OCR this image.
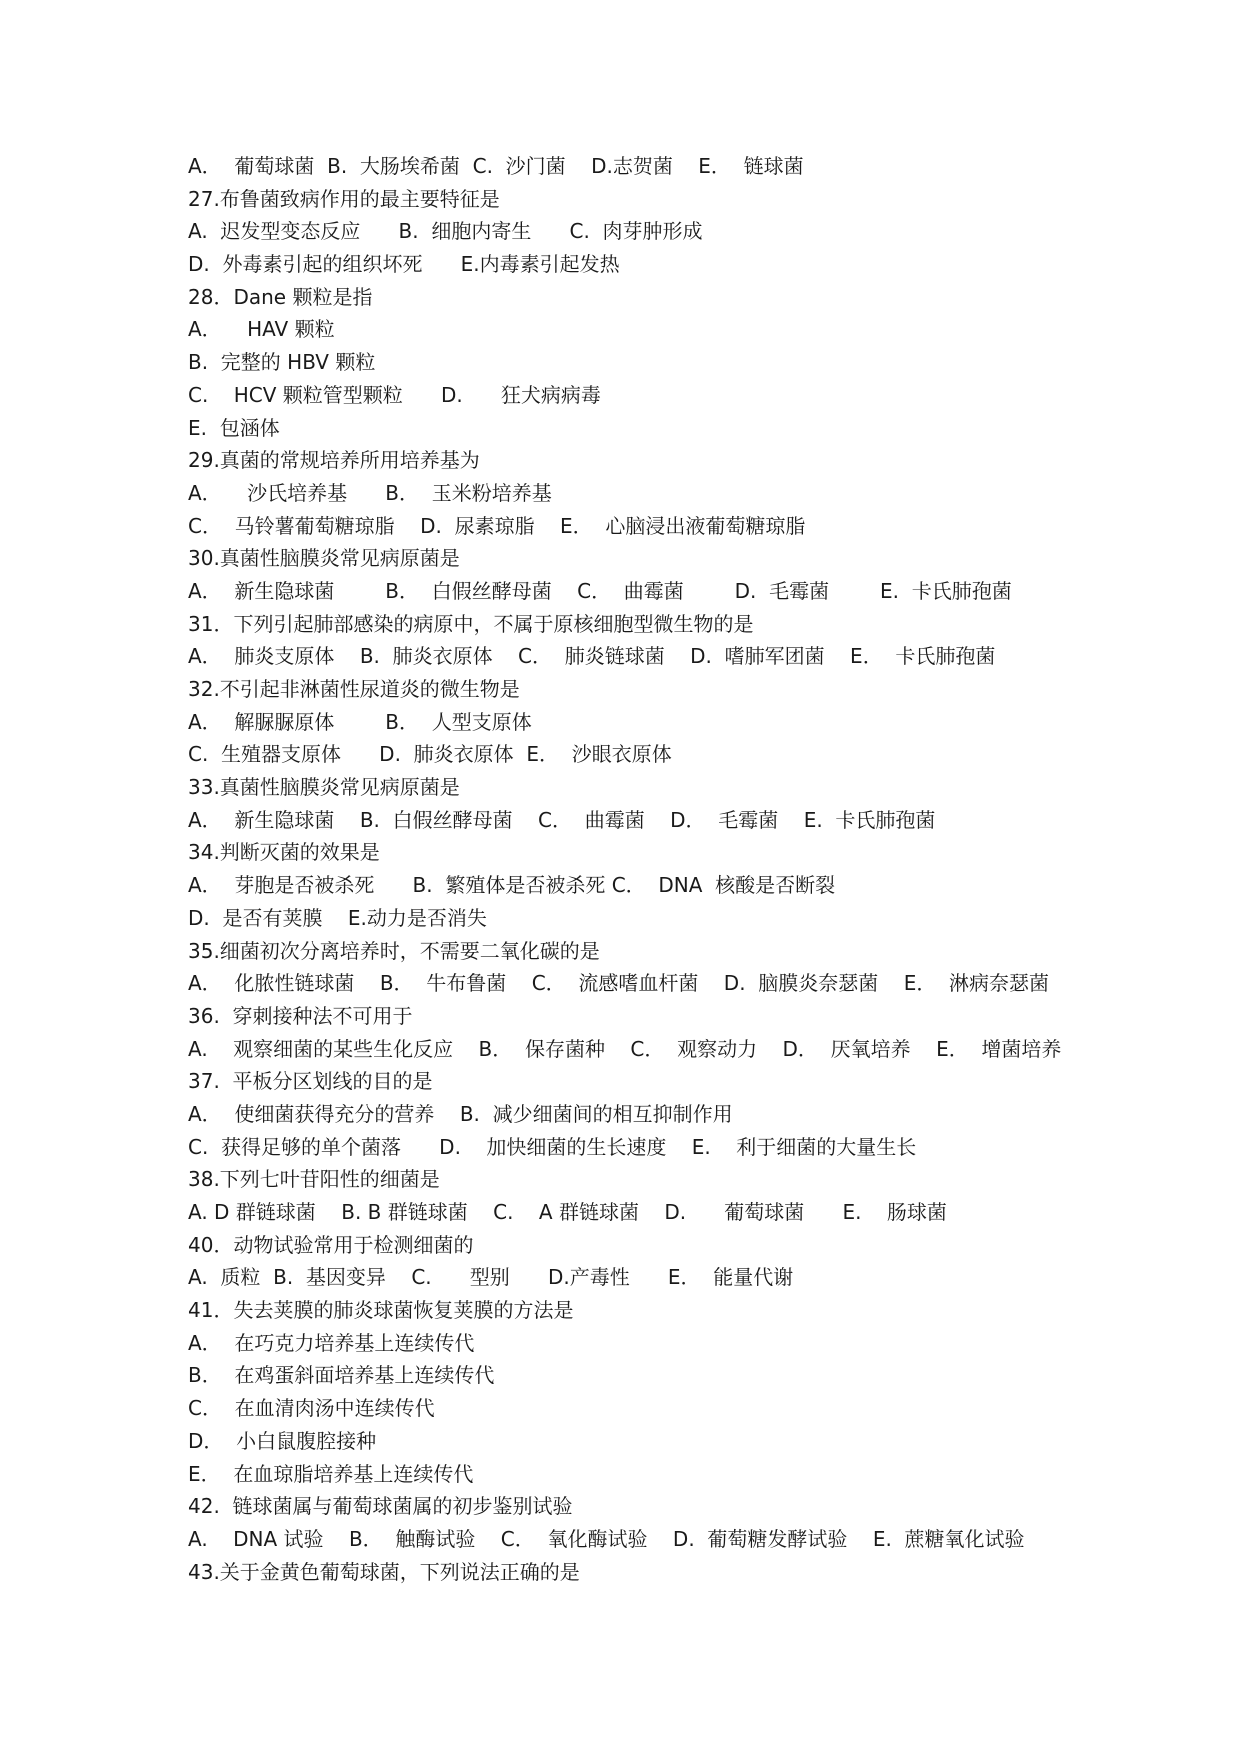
A．  葡萄球菌  B.  大肠埃希菌  C.  沙门菌    D.志贺菌    E．  链球菌
27.布鲁菌致病作用的最主要特征是
A.  迟发型变态反应      B.  细胞内寄生      C.  肉芽肿形成
D.  外毒素引起的组织坏死      E.内毒素引起发热
28．Dane 颗粒是指
A．    HAV 颗粒
B.  完整的 HBV 颗粒
C.    HCV 颗粒管型颗粒      D.      狂犬病病毒
E.  包涵体
29.真菌的常规培养所用培养基为
A．    沙氏培养基      B．  玉米粉培养基
C．  马铃薯葡萄糖琼脂    D.  尿素琼脂    E．  心脑浸出液葡萄糖琼脂
30.真菌性脑膜炎常见病原菌是
A．  新生隐球菌        B．  白假丝酵母菌    C．  曲霉菌        D.  毛霉菌        E.  卡氏肺孢菌
31．下列引起肺部感染的病原中，不属于原核细胞型微生物的是
A．  肺炎支原体    B.  肺炎衣原体    C．  肺炎链球菌    D.  嗜肺军团菌    E．  卡氏肺孢菌
32.不引起非淋菌性尿道炎的微生物是
A．  解脲脲原体        B．  人型支原体
C.  生殖器支原体      D.  肺炎衣原体  E．  沙眼衣原体
33.真菌性脑膜炎常见病原菌是
A．  新生隐球菌    B.  白假丝酵母菌    C．  曲霉菌    D．  毛霉菌    E.  卡氏肺孢菌
34.判断灭菌的效果是
A．  芽胞是否被杀死      B.  繁殖体是否被杀死 C．  DNA  核酸是否断裂
D.  是否有荚膜    E.动力是否消失
35.细菌初次分离培养时，不需要二氧化碳的是
A．  化脓性链球菌    B．  牛布鲁菌    C．  流感嗜血杆菌    D.  脑膜炎奈瑟菌    E．  淋病奈瑟菌
36.  穿刺接种法不可用于
A.    观察细菌的某些生化反应    B．  保存菌种    C．  观察动力    D．  厌氧培养    E．  增菌培养
37.  平板分区划线的目的是
A．  使细菌获得充分的营养    B.  减少细菌间的相互抑制作用
C.  获得足够的单个菌落      D.    加快细菌的生长速度    E.    利于细菌的大量生长
38.下列七叶苷阳性的细菌是
A. D 群链球菌    B. B 群链球菌    C.    A 群链球菌    D.      葡萄球菌      E.    肠球菌
40．动物试验常用于检测细菌的
A.  质粒  B.  基因变异    C.      型别      D.产毒性      E．  能量代谢
41．失去荚膜的肺炎球菌恢复荚膜的方法是
A．  在巧克力培养基上连续传代
B．  在鸡蛋斜面培养基上连续传代
C．  在血清肉汤中连续传代
D．  小白鼠腹腔接种
E．  在血琼脂培养基上连续传代
42.  链球菌属与葡萄球菌属的初步鉴别试验
A.    DNA 试验    B．  触酶试验    C．  氧化酶试验    D.  葡萄糖发酵试验    E.  蔗糖氧化试验
43.关于金黄色葡萄球菌，下列说法正确的是
